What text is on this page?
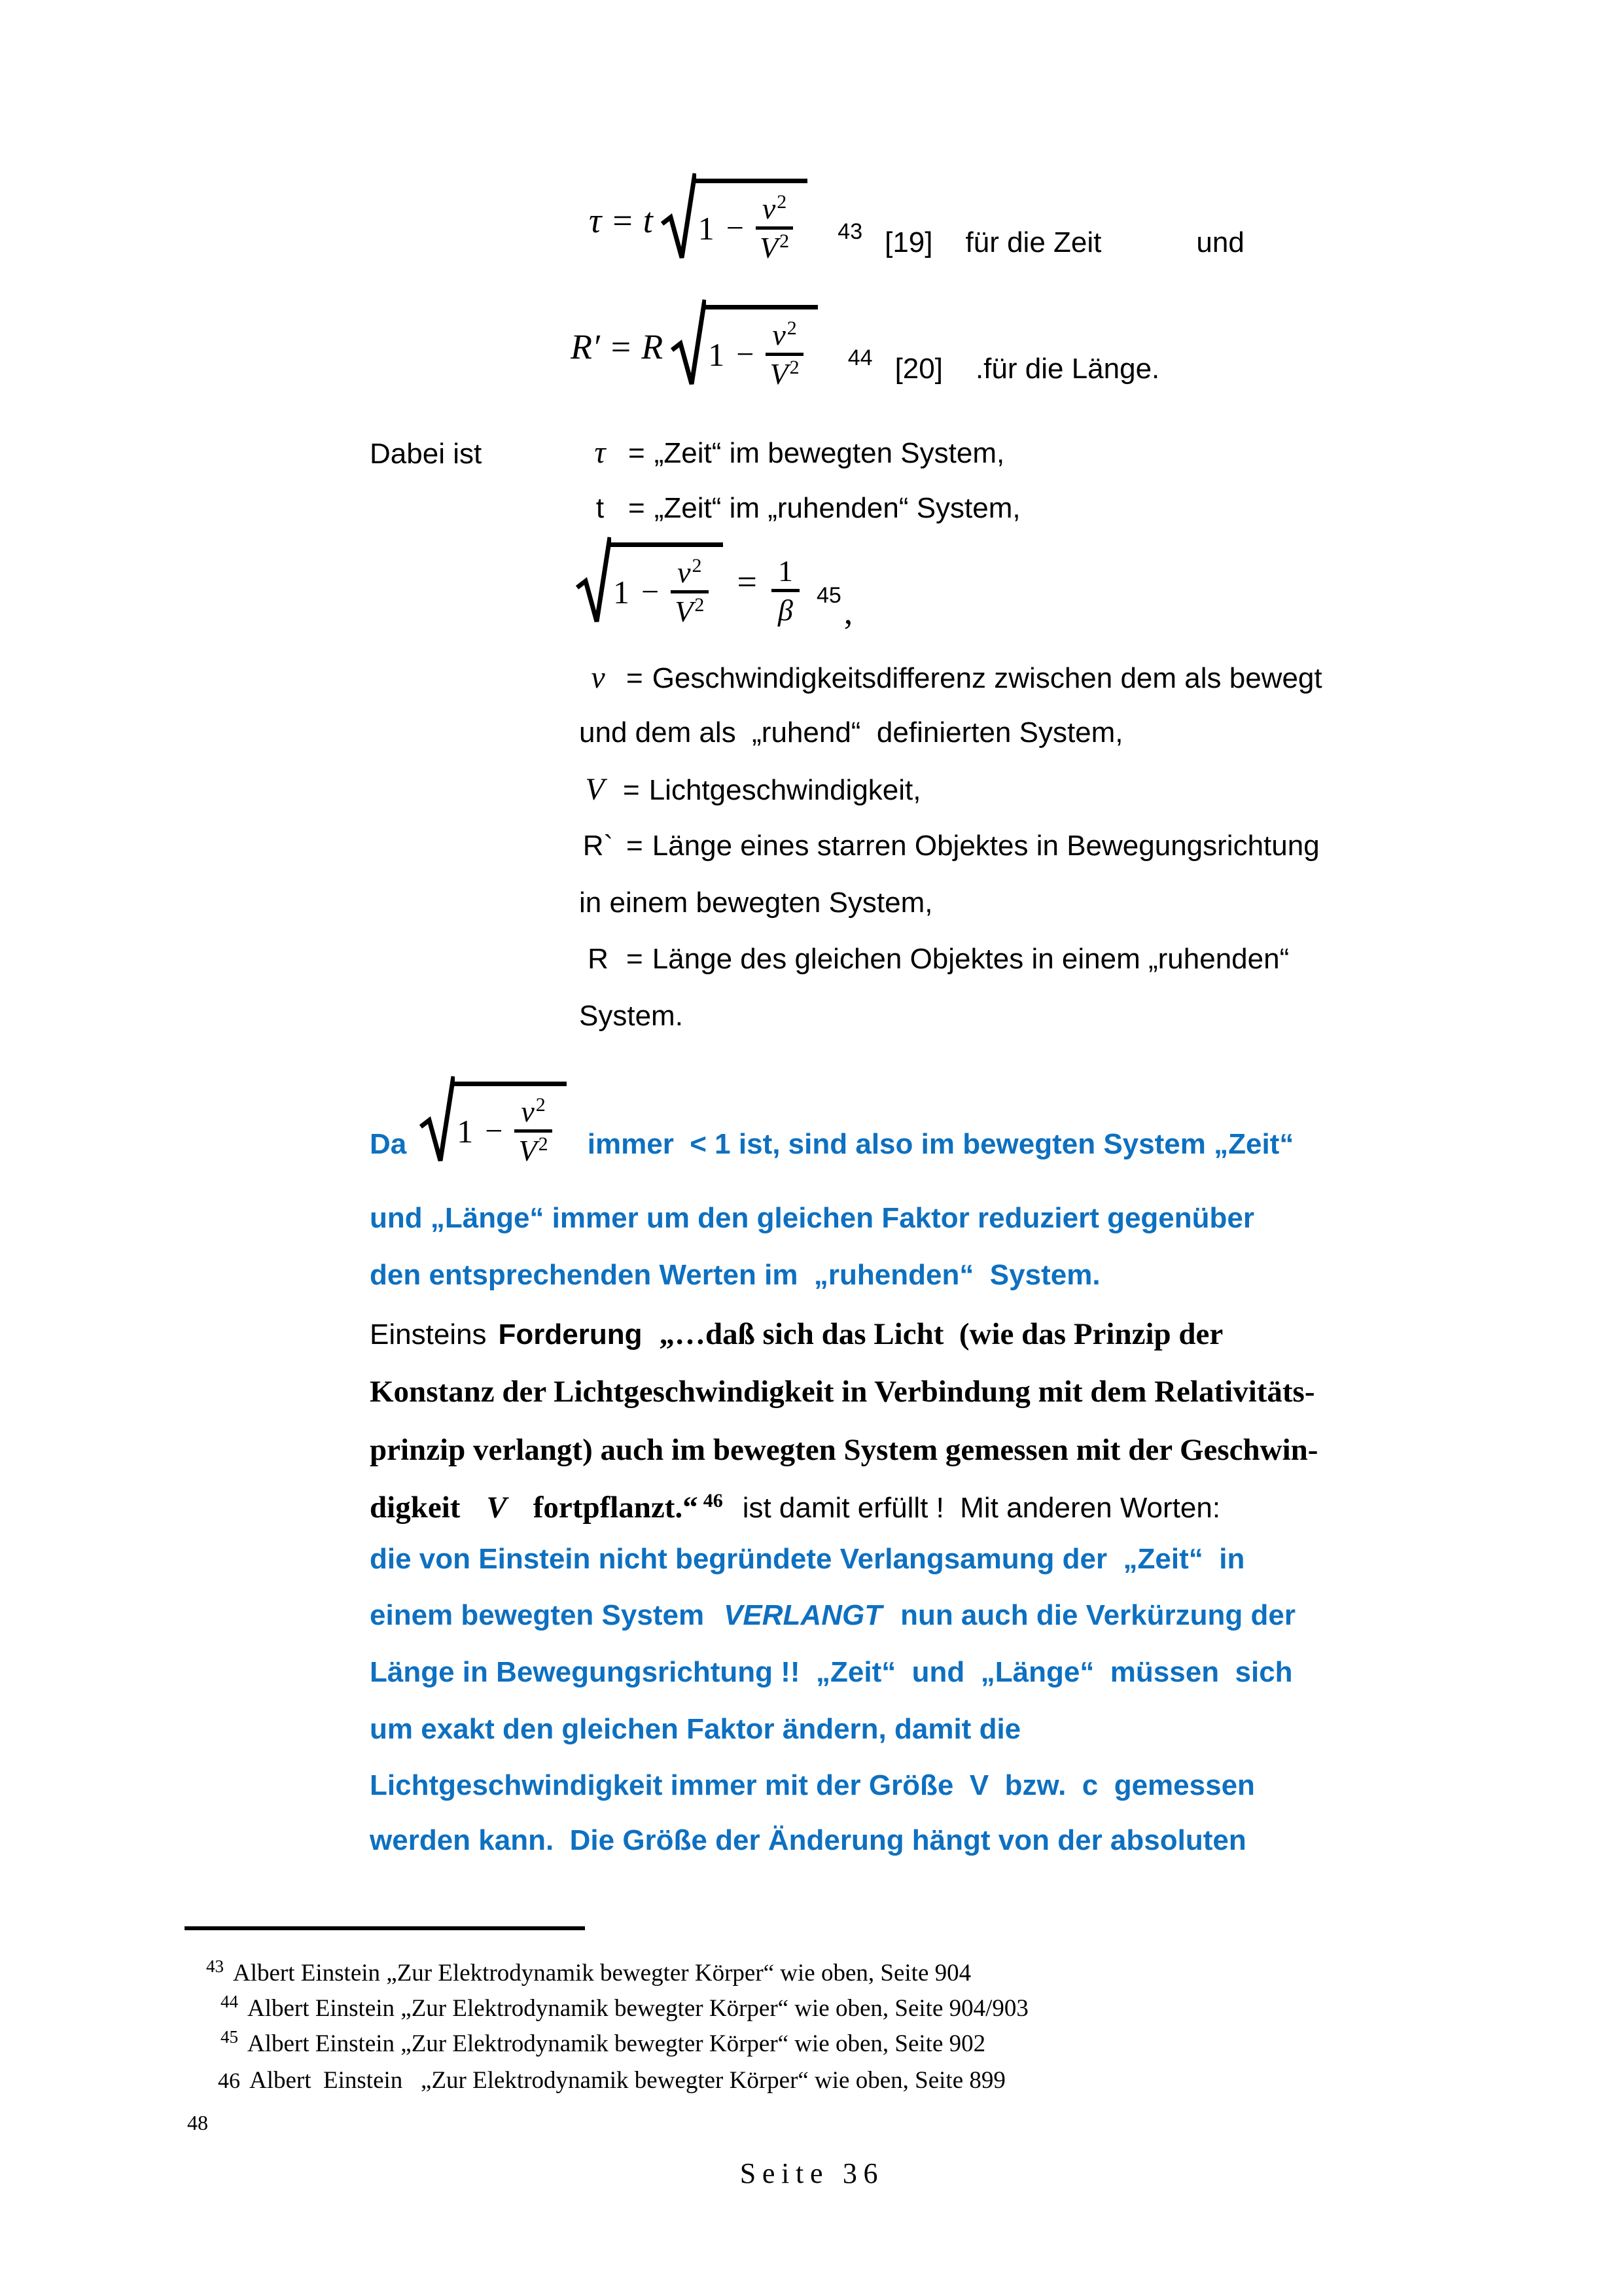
τ = t $1 - \frac{v^2}{V^2} 43$ [19] für die Zeit	und
R′ = R $1 - \frac{v^2}{V^2} 44$ [20] .für die Länge.
Dabei ist	τ = „Zeit“ im bewegten System,
t = „Zeit“ im „ruhenden“ System,
$1 - \frac{v^2}{V^2} = \frac{1}{\beta} 45$ ,
v = Geschwindigkeitsdifferenz zwischen dem als bewegt
und dem als  „ruhend“  definierten System,
V = Lichtgeschwindigkeit,
R` = Länge eines starren Objektes in Bewegungsrichtung
in einem bewegten System,
R = Länge des gleichen Objektes in einem „ruhenden“
System.
Da $1 - \frac{v^2}{V^2}$ immer  < 1 ist, sind also im bewegten System „Zeit“
und „Länge“ immer um den gleichen Faktor reduziert gegenüber
den entsprechenden Werten im  „ruhenden“  System.
Einsteins Forderung „…daß sich das Licht  (wie das Prinzip der
Konstanz der Lichtgeschwindigkeit in Verbindung mit dem Relativitäts-
prinzip verlangt) auch im bewegten System gemessen mit der Geschwin-
digkeit V fortpflanzt.“ 46 ist damit erfüllt !  Mit anderen Worten:
die von Einstein nicht begründete Verlangsamung der  „Zeit“  in
einem bewegten System VERLANGT nun auch die Verkürzung der
Länge in Bewegungsrichtung !!  „Zeit“  und  „Länge“  müssen  sich
um exakt den gleichen Faktor ändern, damit die
Lichtgeschwindigkeit immer mit der Größe  V  bzw.  c  gemessen
werden kann.  Die Größe der Änderung hängt von der absoluten

$^{43}$ Albert Einstein „Zur Elektrodynamik bewegter Körper“ wie oben, Seite 904

$^{44}$ Albert Einstein „Zur Elektrodynamik bewegter Körper“ wie oben, Seite 904/903

$^{45}$ Albert Einstein „Zur Elektrodynamik bewegter Körper“ wie oben, Seite 902

46 Albert  Einstein   „Zur Elektrodynamik bewegter Körper“ wie oben, Seite 899

48
Seite 36
